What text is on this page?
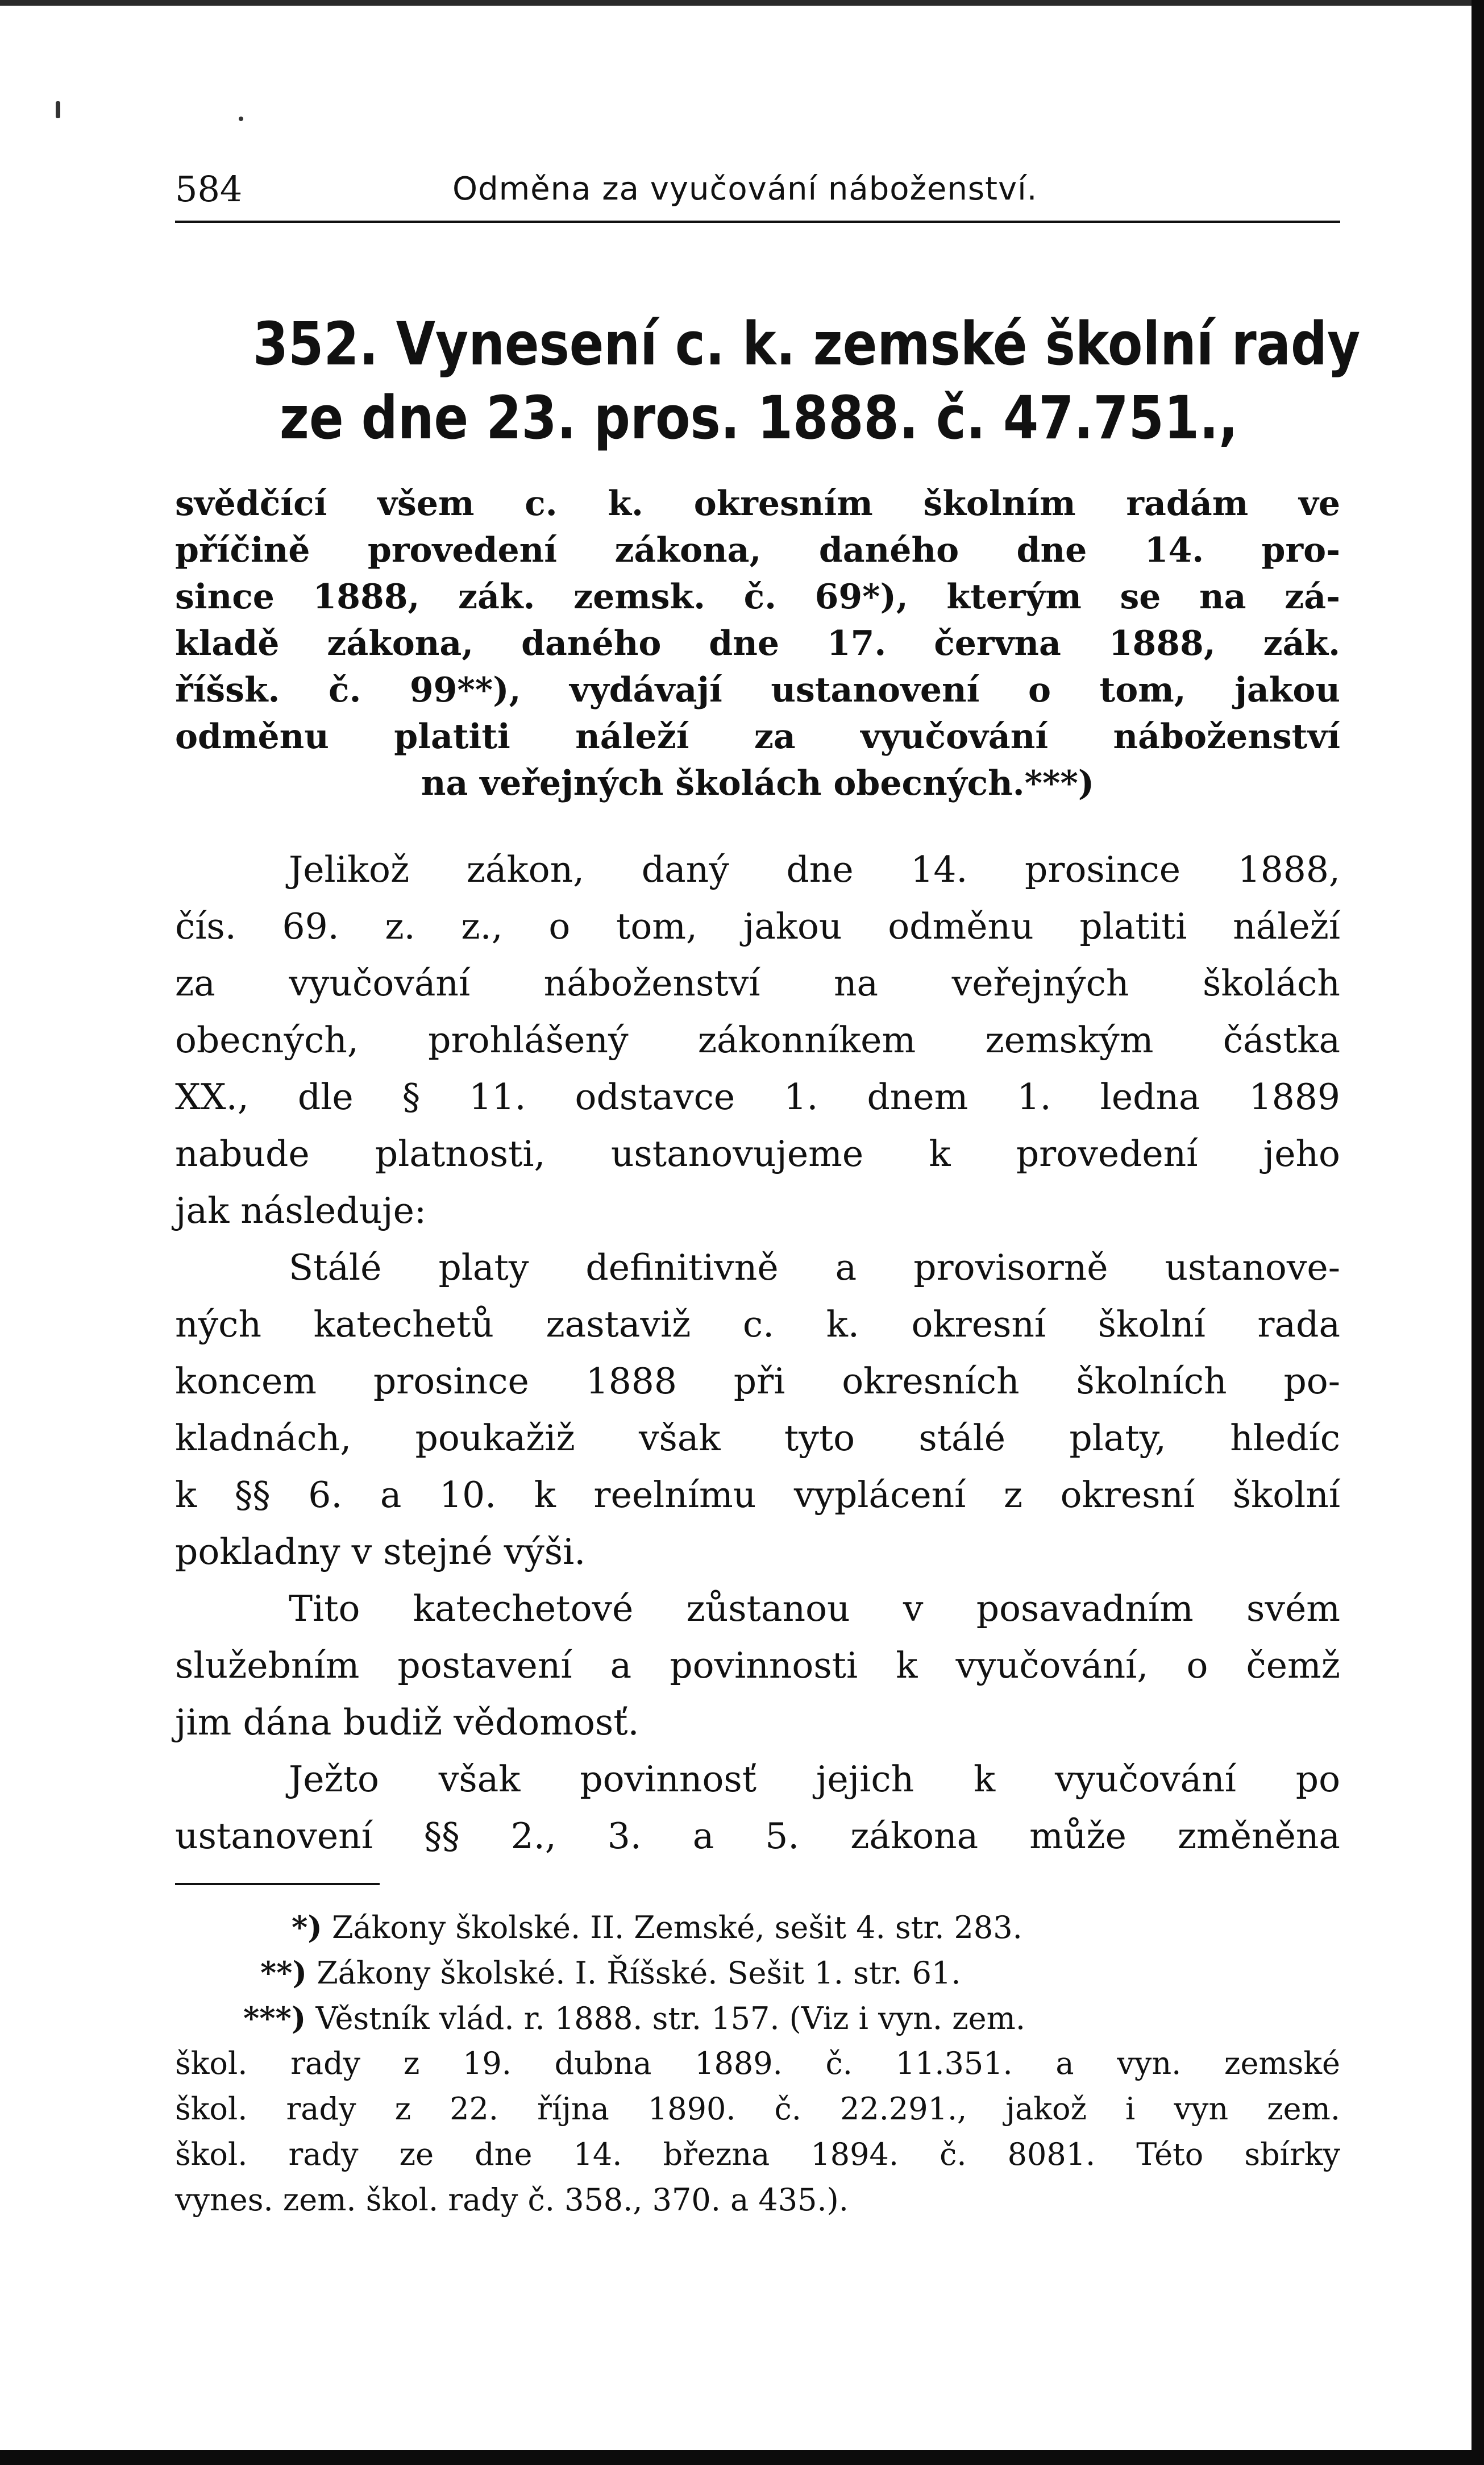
584	Odměna za vyučování náboženství.
352. Vynesení c. k. zemské školní rady
ze dne 23. pros. 1888. č. 47.751.,
svědčící všem c. k. okresním školním radám ve
příčině provedení zákona, daného dne 14. pro-
since 1888, zák. zemsk. č. 69*), kterým se na zá-
kladě zákona, daného dne 17. června 1888, zák.
říšsk. č. 99**), vydávají ustanovení o tom, jakou
odměnu platiti náleží za vyučování náboženství
na veřejných školách obecných.***)
Jelikož zákon, daný dne 14. prosince 1888,
čís. 69. z. z., o tom, jakou odměnu platiti náleží
za vyučování náboženství na veřejných školách
obecných, prohlášený zákonníkem zemským částka
XX., dle § 11. odstavce 1. dnem 1. ledna 1889
nabude platnosti, ustanovujeme k provedení jeho
jak následuje:
Stálé platy definitivně a provisorně ustanove-
ných katechetů zastaviž c. k. okresní školní rada
koncem prosince 1888 při okresních školních po-
kladnách, poukažiž však tyto stálé platy, hledíc
k §§ 6. a 10. k reelnímu vyplácení z okresní školní
pokladny v stejné výši.
Tito katechetové zůstanou v posavadním svém
služebním postavení a povinnosti k vyučování, o čemž
jim dána budiž vědomosť.
Ježto však povinnosť jejich k vyučování po
ustanovení §§ 2., 3. a 5. zákona může změněna
*) Zákony školské. II. Zemské, sešit 4. str. 283.
**) Zákony školské. I. Říšské. Sešit 1. str. 61.
***) Věstník vlád. r. 1888. str. 157. (Viz i vyn. zem.
škol. rady z 19. dubna 1889. č. 11.351. a vyn. zemské
škol. rady z 22. října 1890. č. 22.291., jakož i vyn zem.
škol. rady ze dne 14. března 1894. č. 8081. Této sbírky
vynes. zem. škol. rady č. 358., 370. a 435.).
